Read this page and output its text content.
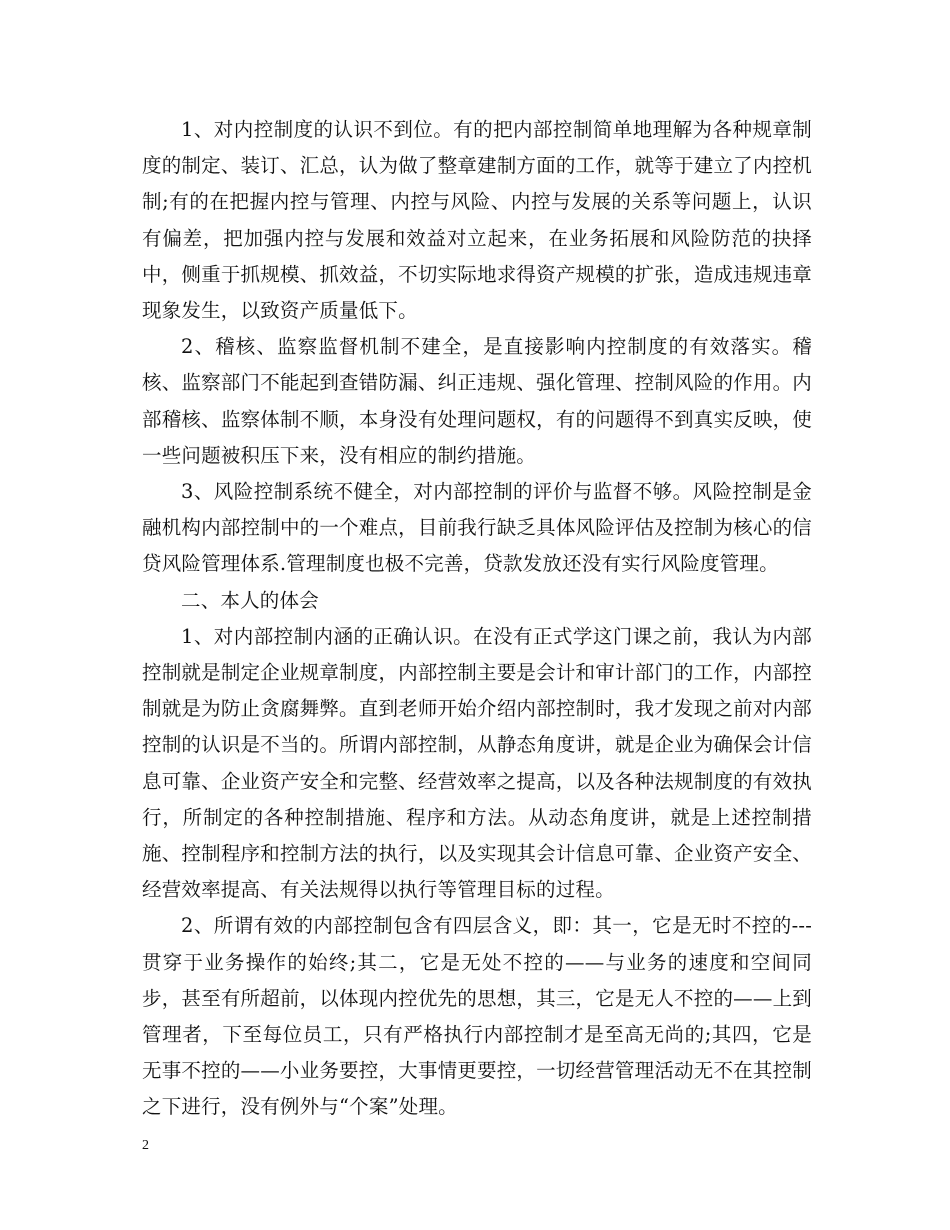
1、对内控制度的认识不到位。有的把内部控制简单地理解为各种规章制度的制定、装订、汇总，认为做了整章建制方面的工作，就等于建立了内控机制;有的在把握内控与管理、内控与风险、内控与发展的关系等问题上，认识有偏差，把加强内控与发展和效益对立起来，在业务拓展和风险防范的抉择中，侧重于抓规模、抓效益，不切实际地求得资产规模的扩张，造成违规违章现象发生，以致资产质量低下。

2、稽核、监察监督机制不建全，是直接影响内控制度的有效落实。稽核、监察部门不能起到查错防漏、纠正违规、强化管理、控制风险的作用。内部稽核、监察体制不顺，本身没有处理问题权，有的问题得不到真实反映，使一些问题被积压下来，没有相应的制约措施。

3、风险控制系统不健全，对内部控制的评价与监督不够。风险控制是金融机构内部控制中的一个难点，目前我行缺乏具体风险评估及控制为核心的信贷风险管理体系.管理制度也极不完善，贷款发放还没有实行风险度管理。

二、本人的体会

1、对内部控制内涵的正确认识。在没有正式学这门课之前，我认为内部控制就是制定企业规章制度，内部控制主要是会计和审计部门的工作，内部控制就是为防止贪腐舞弊。直到老师开始介绍内部控制时，我才发现之前对内部控制的认识是不当的。所谓内部控制，从静态角度讲，就是企业为确保会计信息可靠、企业资产安全和完整、经营效率之提高，以及各种法规制度的有效执行，所制定的各种控制措施、程序和方法。从动态角度讲，就是上述控制措施、控制程序和控制方法的执行，以及实现其会计信息可靠、企业资产安全、经营效率提高、有关法规得以执行等管理目标的过程。

2、所谓有效的内部控制包含有四层含义，即：其一，它是无时不控的---贯穿于业务操作的始终;其二，它是无处不控的——与业务的速度和空间同步，甚至有所超前，以体现内控优先的思想，其三，它是无人不控的——上到管理者，下至每位员工，只有严格执行内部控制才是至高无尚的;其四，它是无事不控的——小业务要控，大事情更要控，一切经营管理活动无不在其控制之下进行，没有例外与“个案”处理。

2
